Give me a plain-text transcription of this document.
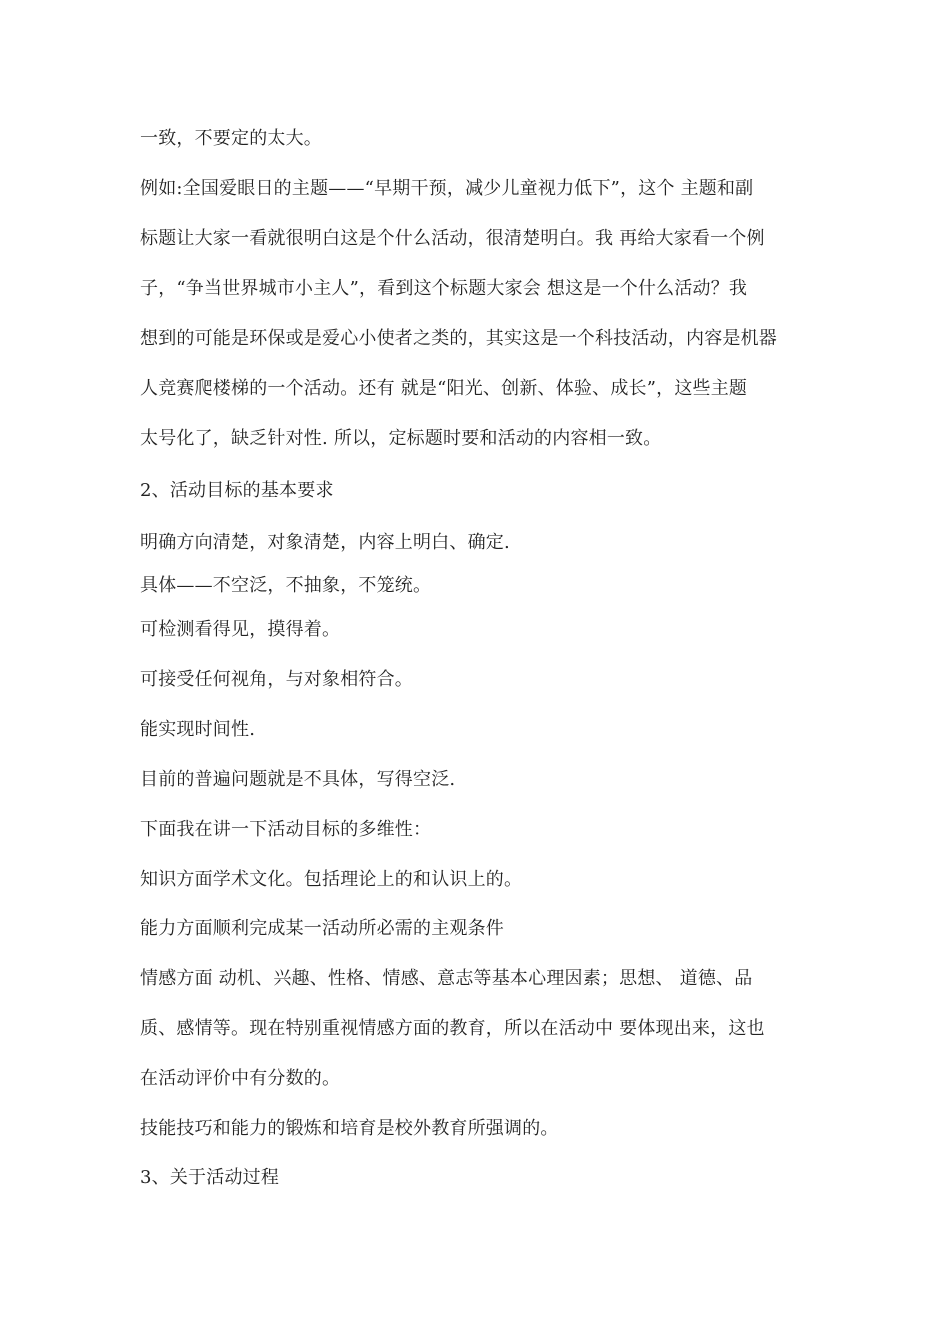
一致，不要定的太大。
例如:全国爱眼日的主题——“早期干预，减少儿童视力低下”，这个 主题和副
标题让大家一看就很明白这是个什么活动，很清楚明白。我 再给大家看一个例
子，“争当世界城市小主人”，看到这个标题大家会 想这是一个什么活动？我
想到的可能是环保或是爱心小使者之类的，其实这是一个科技活动，内容是机器
人竞赛爬楼梯的一个活动。还有 就是“阳光、创新、体验、成长”，这些主题
太号化了，缺乏针对性. 所以，定标题时要和活动的内容相一致。
2、活动目标的基本要求
明确方向清楚，对象清楚，内容上明白、确定.
具体——不空泛，不抽象，不笼统。
可检测看得见，摸得着。
可接受任何视角，与对象相符合。
能实现时间性.
目前的普遍问题就是不具体，写得空泛.
下面我在讲一下活动目标的多维性：
知识方面学术文化。包括理论上的和认识上的。
能力方面顺利完成某一活动所必需的主观条件
情感方面 动机、兴趣、性格、情感、意志等基本心理因素；思想、 道德、品
质、感情等。现在特别重视情感方面的教育，所以在活动中 要体现出来，这也
在活动评价中有分数的。
技能技巧和能力的锻炼和培育是校外教育所强调的。
3、关于活动过程
